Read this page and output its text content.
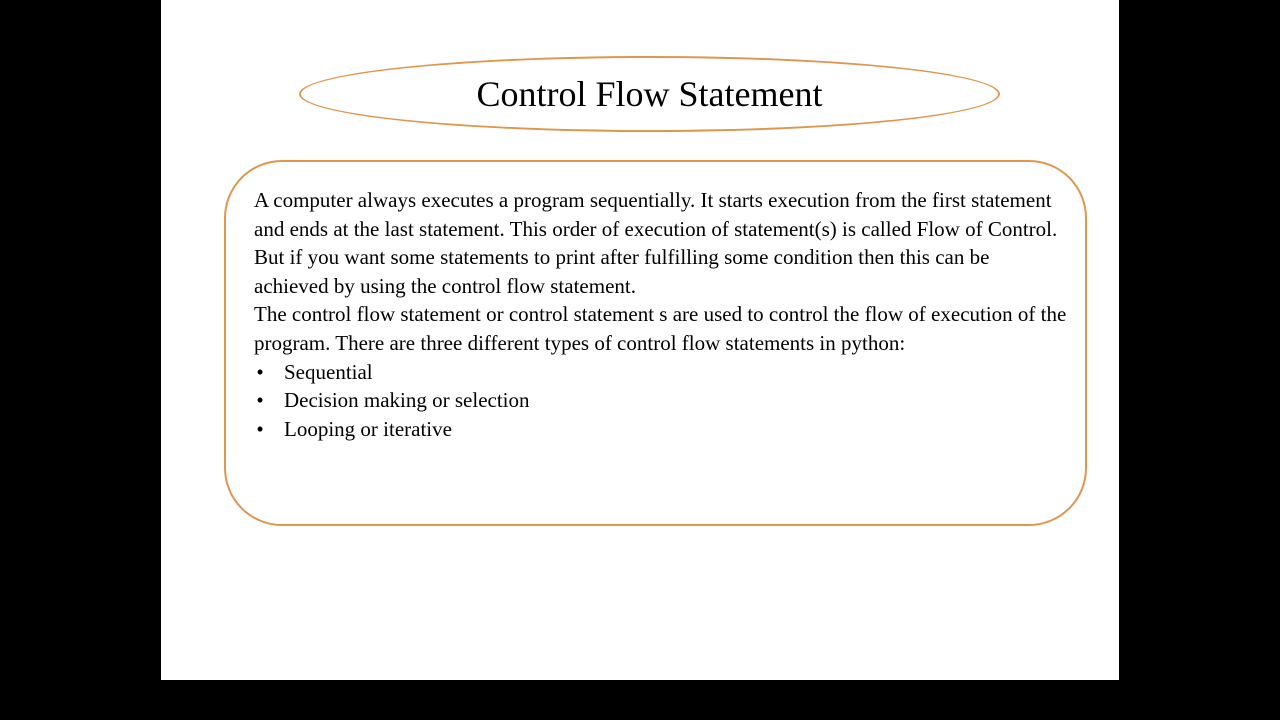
Control Flow Statement

A computer always executes a program sequentially. It starts execution from the first statement and ends at the last statement. This order of execution of statement(s) is called Flow of Control. But if you want some statements to print after fulfilling some condition then this can be achieved by using the control flow statement.

The control flow statement or control statement s are used to control the flow of execution of the program. There are three different types of control flow statements in python:

• Sequential
• Decision making or selection
• Looping or iterative
